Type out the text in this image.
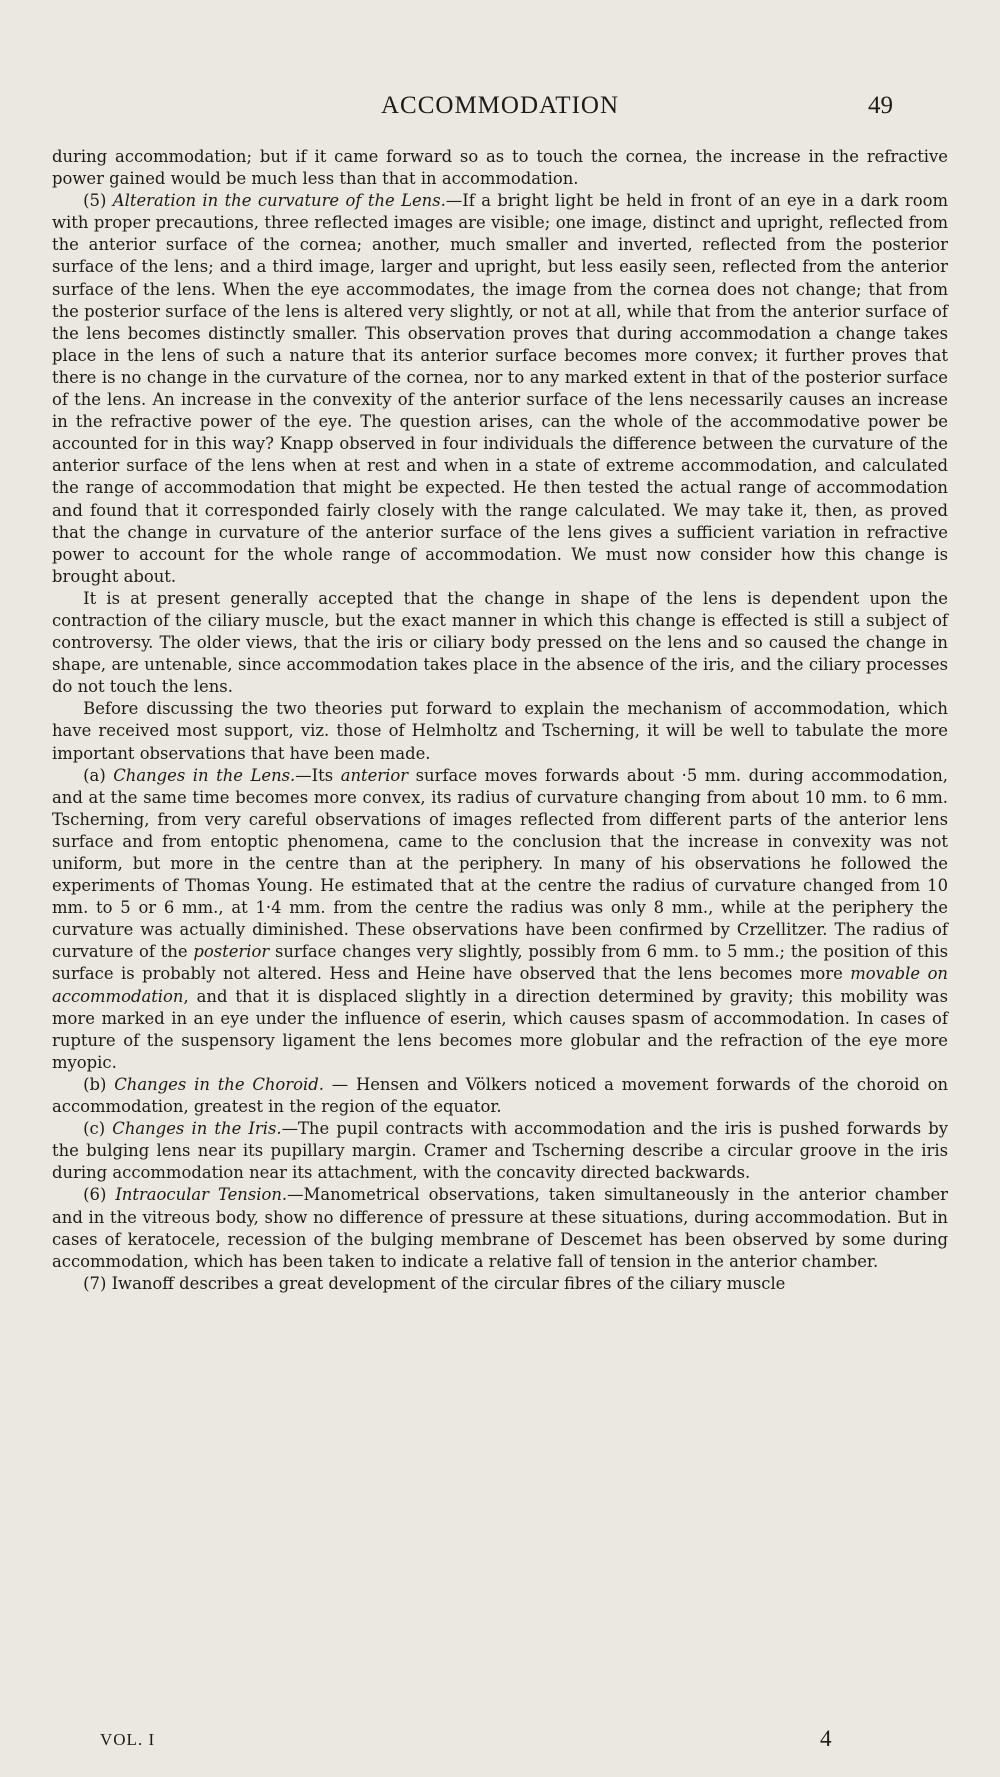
ACCOMMODATION	49

during accommodation; but if it came forward so as to touch the cornea, the increase in the refractive power gained would be much less than that in accommodation.

(5) Alteration in the curvature of the Lens.—If a bright light be held in front of an eye in a dark room with proper precautions, three reflected images are visible; one image, distinct and upright, reflected from the anterior surface of the cornea; another, much smaller and inverted, reflected from the posterior surface of the lens; and a third image, larger and upright, but less easily seen, reflected from the anterior surface of the lens. When the eye accommodates, the image from the cornea does not change; that from the posterior surface of the lens is altered very slightly, or not at all, while that from the anterior surface of the lens becomes distinctly smaller. This observation proves that during accommodation a change takes place in the lens of such a nature that its anterior surface becomes more convex; it further proves that there is no change in the curvature of the cornea, nor to any marked extent in that of the posterior surface of the lens. An increase in the convexity of the anterior surface of the lens necessarily causes an increase in the refractive power of the eye. The question arises, can the whole of the accommodative power be accounted for in this way? Knapp observed in four individuals the difference between the curvature of the anterior surface of the lens when at rest and when in a state of extreme accommodation, and calculated the range of accommodation that might be expected. He then tested the actual range of accommodation and found that it corresponded fairly closely with the range calculated. We may take it, then, as proved that the change in curvature of the anterior surface of the lens gives a sufficient variation in refractive power to account for the whole range of accommodation. We must now consider how this change is brought about.

It is at present generally accepted that the change in shape of the lens is dependent upon the contraction of the ciliary muscle, but the exact manner in which this change is effected is still a subject of controversy. The older views, that the iris or ciliary body pressed on the lens and so caused the change in shape, are untenable, since accommodation takes place in the absence of the iris, and the ciliary processes do not touch the lens.

Before discussing the two theories put forward to explain the mechanism of accommodation, which have received most support, viz. those of Helmholtz and Tscherning, it will be well to tabulate the more important observations that have been made.

(a) Changes in the Lens.—Its anterior surface moves forwards about ·5 mm. during accommodation, and at the same time becomes more convex, its radius of curvature changing from about 10 mm. to 6 mm. Tscherning, from very careful observations of images reflected from different parts of the anterior lens surface and from entoptic phenomena, came to the conclusion that the increase in convexity was not uniform, but more in the centre than at the periphery. In many of his observations he followed the experiments of Thomas Young. He estimated that at the centre the radius of curvature changed from 10 mm. to 5 or 6 mm., at 1·4 mm. from the centre the radius was only 8 mm., while at the periphery the curvature was actually diminished. These observations have been confirmed by Crzellitzer. The radius of curvature of the posterior surface changes very slightly, possibly from 6 mm. to 5 mm.; the position of this surface is probably not altered. Hess and Heine have observed that the lens becomes more movable on accommodation, and that it is displaced slightly in a direction determined by gravity; this mobility was more marked in an eye under the influence of eserin, which causes spasm of accommodation. In cases of rupture of the suspensory ligament the lens becomes more globular and the refraction of the eye more myopic.

(b) Changes in the Choroid. — Hensen and Völkers noticed a movement forwards of the choroid on accommodation, greatest in the region of the equator.

(c) Changes in the Iris.—The pupil contracts with accommodation and the iris is pushed forwards by the bulging lens near its pupillary margin. Cramer and Tscherning describe a circular groove in the iris during accommodation near its attachment, with the concavity directed backwards.

(6) Intraocular Tension.—Manometrical observations, taken simultaneously in the anterior chamber and in the vitreous body, show no difference of pressure at these situations, during accommodation. But in cases of keratocele, recession of the bulging membrane of Descemet has been observed by some during accommodation, which has been taken to indicate a relative fall of tension in the anterior chamber.

(7) Iwanoff describes a great development of the circular fibres of the ciliary muscle

VOL. I	4
